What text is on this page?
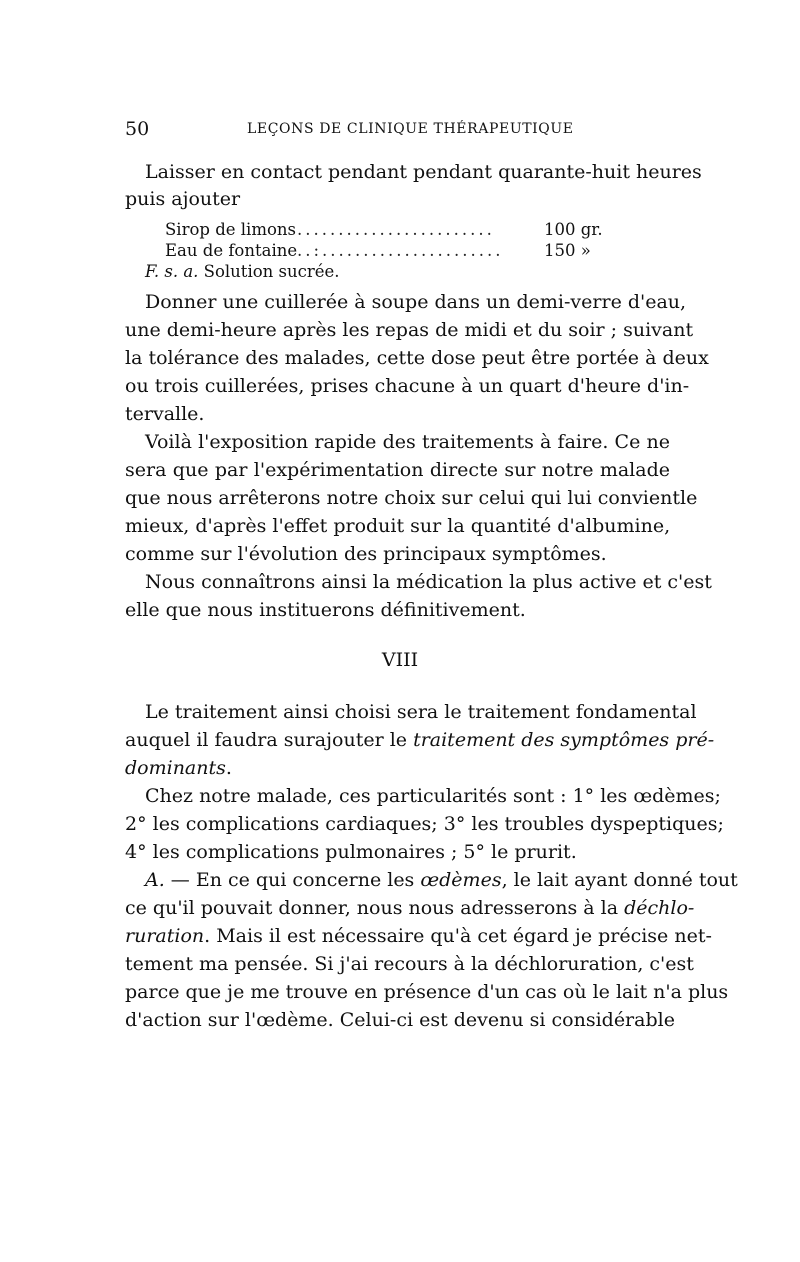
50	LEÇONS DE CLINIQUE THÉRAPEUTIQUE
Laisser en contact pendant pendant quarante-huit heures
puis ajouter
Sirop de limons ........................	100 gr.
Eau de fontaine ..:......................	150 »
F. s. a. Solution sucrée.
Donner une cuillerée à soupe dans un demi-verre d'eau,
une demi-heure après les repas de midi et du soir ; suivant
la tolérance des malades, cette dose peut être portée à deux
ou trois cuillerées, prises chacune à un quart d'heure d'in-
tervalle.
Voilà l'exposition rapide des traitements à faire. Ce ne
sera que par l'expérimentation directe sur notre malade
que nous arrêterons notre choix sur celui qui lui convientle
mieux, d'après l'effet produit sur la quantité d'albumine,
comme sur l'évolution des principaux symptômes.
Nous connaîtrons ainsi la médication la plus active et c'est
elle que nous instituerons définitivement.
VIII
Le traitement ainsi choisi sera le traitement fondamental
auquel il faudra surajouter le traitement des symptômes pré-
dominants.
Chez notre malade, ces particularités sont : 1° les œdèmes;
2° les complications cardiaques; 3° les troubles dyspeptiques;
4° les complications pulmonaires ; 5° le prurit.
A. — En ce qui concerne les œdèmes, le lait ayant donné tout
ce qu'il pouvait donner, nous nous adresserons à la déchlo-
ruration. Mais il est nécessaire qu'à cet égard je précise net-
tement ma pensée. Si j'ai recours à la déchloruration, c'est
parce que je me trouve en présence d'un cas où le lait n'a plus
d'action sur l'œdème. Celui-ci est devenu si considérable
